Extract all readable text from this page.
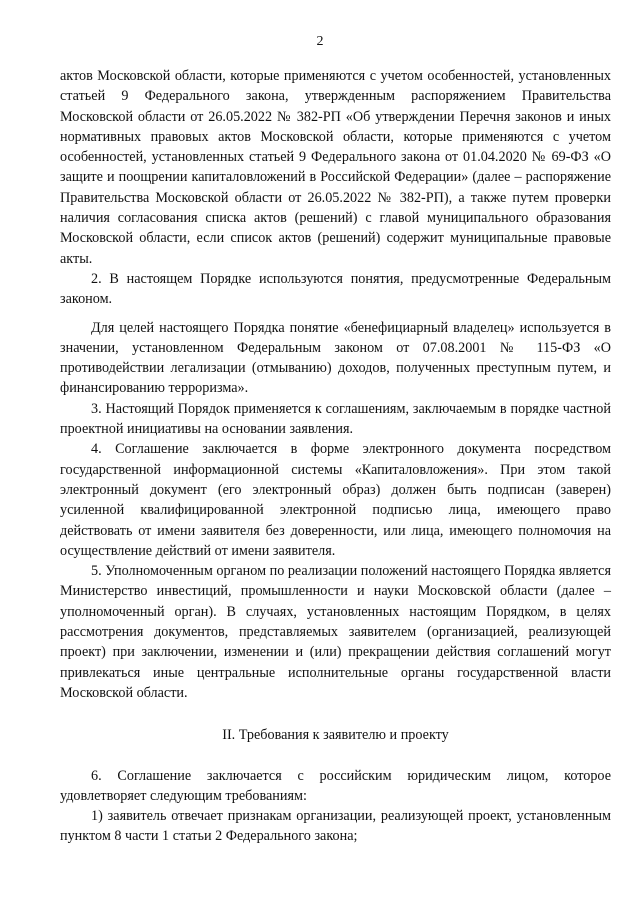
2

актов Московской области, которые применяются с учетом особенностей, установленных статьей 9 Федерального закона, утвержденным распоряжением Правительства Московской области от 26.05.2022 № 382-РП «Об утверждении Перечня законов и иных нормативных правовых актов Московской области, которые применяются с учетом особенностей, установленных статьей 9 Федерального закона от 01.04.2020 № 69-ФЗ «О защите и поощрении капиталовложений в Российской Федерации» (далее – распоряжение Правительства Московской области от 26.05.2022 № 382-РП), а также путем проверки наличия согласования списка актов (решений) с главой муниципального образования Московской области, если список актов (решений) содержит муниципальные правовые акты.

2. В настоящем Порядке используются понятия, предусмотренные Федеральным законом.

Для целей настоящего Порядка понятие «бенефициарный владелец» используется в значении, установленном Федеральным законом от 07.08.2001 № 115-ФЗ «О противодействии легализации (отмыванию) доходов, полученных преступным путем, и финансированию терроризма».

3. Настоящий Порядок применяется к соглашениям, заключаемым в порядке частной проектной инициативы на основании заявления.

4. Соглашение заключается в форме электронного документа посредством государственной информационной системы «Капиталовложения». При этом такой электронный документ (его электронный образ) должен быть подписан (заверен) усиленной квалифицированной электронной подписью лица, имеющего право действовать от имени заявителя без доверенности, или лица, имеющего полномочия на осуществление действий от имени заявителя.

5. Уполномоченным органом по реализации положений настоящего Порядка является Министерство инвестиций, промышленности и науки Московской области (далее – уполномоченный орган). В случаях, установленных настоящим Порядком, в целях рассмотрения документов, представляемых заявителем (организацией, реализующей проект) при заключении, изменении и (или) прекращении действия соглашений могут привлекаться иные центральные исполнительные органы государственной власти Московской области.

II. Требования к заявителю и проекту

6. Соглашение заключается с российским юридическим лицом, которое удовлетворяет следующим требованиям:

1) заявитель отвечает признакам организации, реализующей проект, установленным пунктом 8 части 1 статьи 2 Федерального закона;
